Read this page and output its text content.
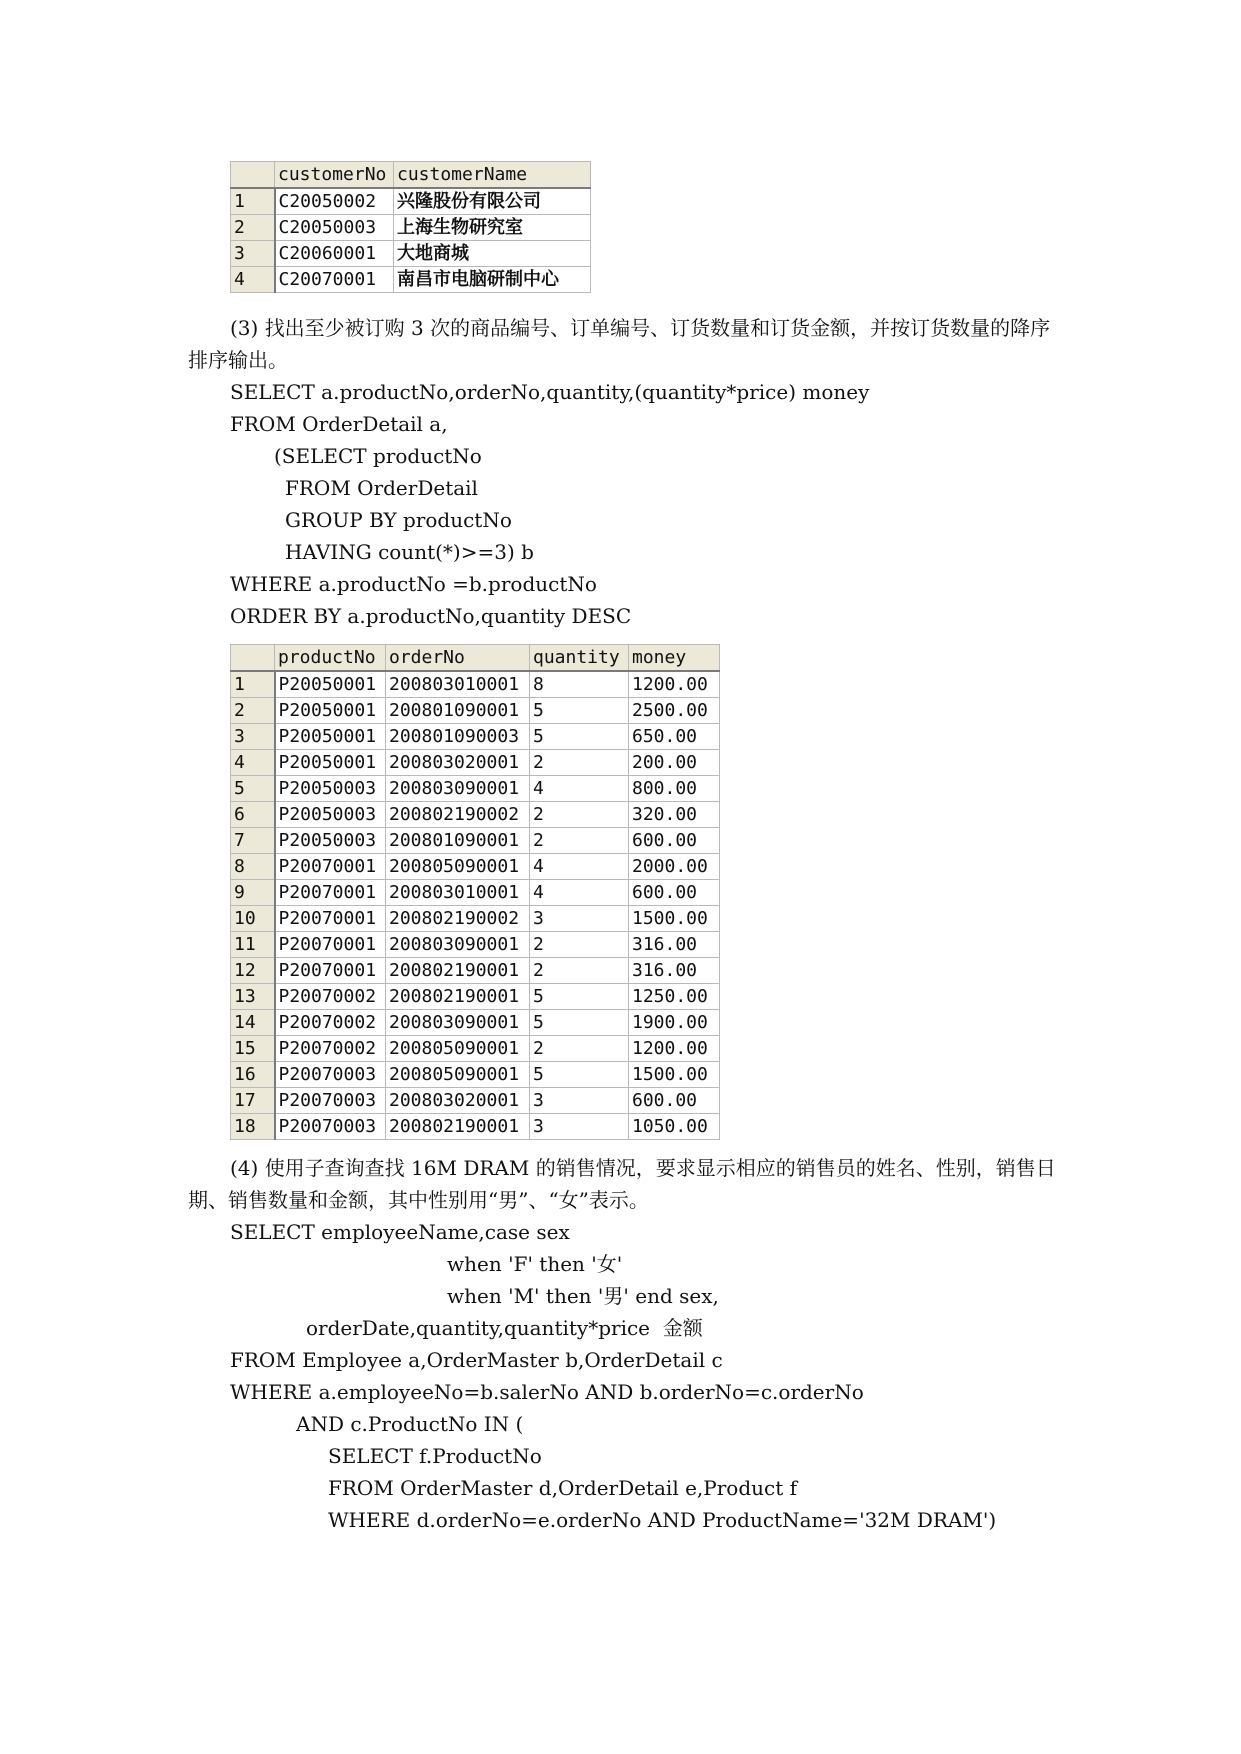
	customerNo	customerName
1	C20050002	兴隆股份有限公司
2	C20050003	上海生物研究室
3	C20060001	大地商城
4	C20070001	南昌市电脑研制中心

(3) 找出至少被订购 3 次的商品编号、订单编号、订货数量和订货金额，并按订货数量的降序排序输出。

SELECT a.productNo,orderNo,quantity,(quantity*price) money
FROM OrderDetail a,
(SELECT productNo
FROM OrderDetail
GROUP BY productNo
HAVING count(*)>=3) b
WHERE a.productNo =b.productNo
ORDER BY a.productNo,quantity DESC
	productNo	orderNo	quantity	money
1	P20050001	200803010001	8	1200.00
2	P20050001	200801090001	5	2500.00
3	P20050001	200801090003	5	650.00
4	P20050001	200803020001	2	200.00
5	P20050003	200803090001	4	800.00
6	P20050003	200802190002	2	320.00
7	P20050003	200801090001	2	600.00
8	P20070001	200805090001	4	2000.00
9	P20070001	200803010001	4	600.00
10	P20070001	200802190002	3	1500.00
11	P20070001	200803090001	2	316.00
12	P20070001	200802190001	2	316.00
13	P20070002	200802190001	5	1250.00
14	P20070002	200803090001	5	1900.00
15	P20070002	200805090001	2	1200.00
16	P20070003	200805090001	5	1500.00
17	P20070003	200803020001	3	600.00
18	P20070003	200802190001	3	1050.00

(4) 使用子查询查找 16M DRAM 的销售情况，要求显示相应的销售员的姓名、性别，销售日期、销售数量和金额，其中性别用“男”、“女”表示。

SELECT employeeName,case sex
when 'F' then '女'
when 'M' then '男' end sex,
orderDate,quantity,quantity*price  金额
FROM Employee a,OrderMaster b,OrderDetail c
WHERE a.employeeNo=b.salerNo AND b.orderNo=c.orderNo
AND c.ProductNo IN (
SELECT f.ProductNo
FROM OrderMaster d,OrderDetail e,Product f
WHERE d.orderNo=e.orderNo AND ProductName='32M DRAM')
